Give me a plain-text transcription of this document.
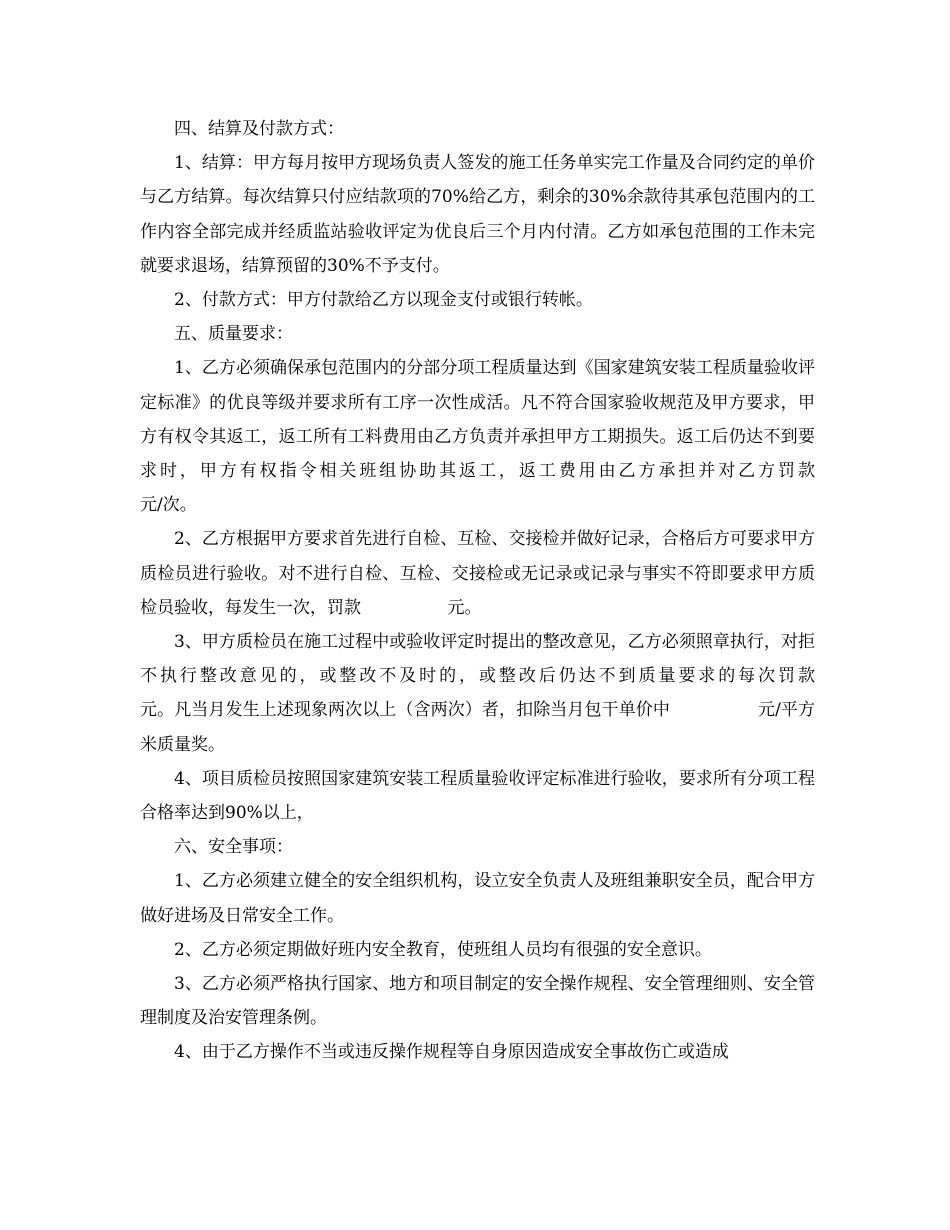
四、结算及付款方式：

1、结算：甲方每月按甲方现场负责人签发的施工任务单实完工作量及合同约定的单价与乙方结算。每次结算只付应结款项的70%给乙方，剩余的30%余款待其承包范围内的工作内容全部完成并经质监站验收评定为优良后三个月内付清。乙方如承包范围的工作未完就要求退场，结算预留的30%不予支付。

2、付款方式：甲方付款给乙方以现金支付或银行转帐。

五、质量要求：

1、乙方必须确保承包范围内的分部分项工程质量达到《国家建筑安装工程质量验收评定标准》的优良等级并要求所有工序一次性成活。凡不符合国家验收规范及甲方要求，甲方有权令其返工，返工所有工料费用由乙方负责并承担甲方工期损失。返工后仍达不到要求时，甲方有权指令相关班组协助其返工，返工费用由乙方承担并对乙方罚款                元/次。

2、乙方根据甲方要求首先进行自检、互检、交接检并做好记录，合格后方可要求甲方质检员进行验收。对不进行自检、互检、交接检或无记录或记录与事实不符即要求甲方质检员验收，每发生一次，罚款                元。

3、甲方质检员在施工过程中或验收评定时提出的整改意见，乙方必须照章执行，对拒不执行整改意见的，或整改不及时的，或整改后仍达不到质量要求的每次罚款                元。凡当月发生上述现象两次以上（含两次）者，扣除当月包干单价中                元/平方米质量奖。

4、项目质检员按照国家建筑安装工程质量验收评定标准进行验收，要求所有分项工程合格率达到90%以上，

六、安全事项：

1、乙方必须建立健全的安全组织机构，设立安全负责人及班组兼职安全员，配合甲方做好进场及日常安全工作。

2、乙方必须定期做好班内安全教育，使班组人员均有很强的安全意识。

3、乙方必须严格执行国家、地方和项目制定的安全操作规程、安全管理细则、安全管理制度及治安管理条例。

4、由于乙方操作不当或违反操作规程等自身原因造成安全事故伤亡或造成
